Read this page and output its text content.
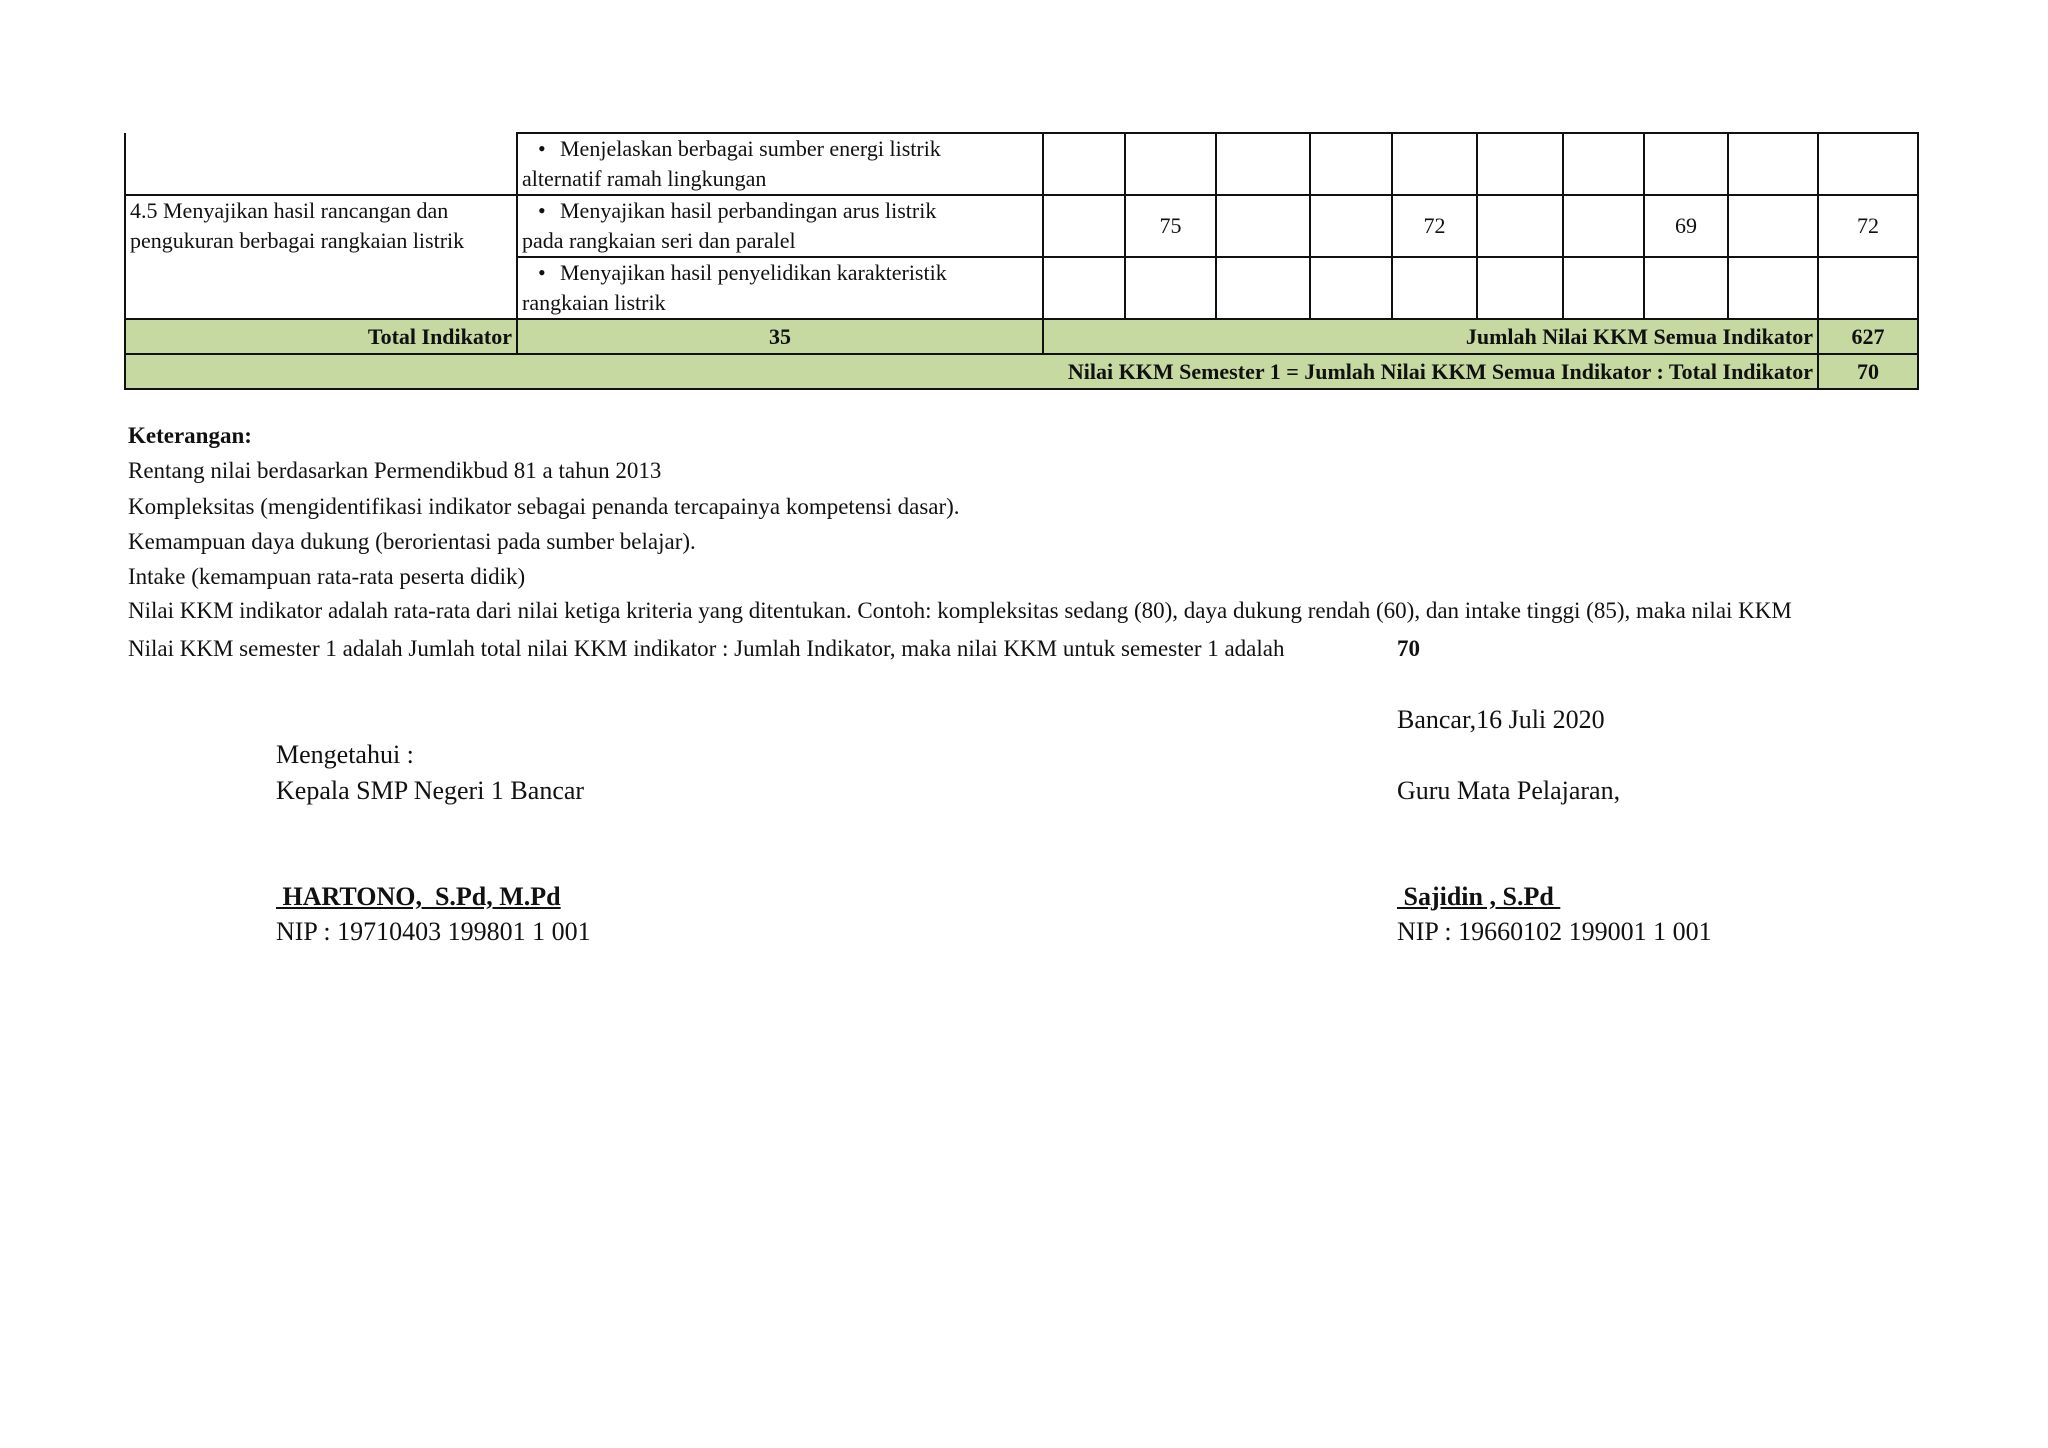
	• Menjelaskan berbagai sumber energi listrik
alternatif ramah lingkungan										

4.5 Menyajikan hasil rancangan dan pengukuran berbagai rangkaian listrik	• Menyajikan hasil perbandingan arus listrik
pada rangkaian seri dan paralel		75			72			69		72

	• Menyajikan hasil penyelidikan karakteristik
rangkaian listrik										

Total Indikator	35	Jumlah Nilai KKM Semua Indikator									627
Nilai KKM Semester 1 = Jumlah Nilai KKM Semua Indikator : Total Indikator											70
Keterangan:
Rentang nilai berdasarkan Permendikbud 81 a tahun 2013
Kompleksitas (mengidentifikasi indikator sebagai penanda tercapainya kompetensi dasar).
Kemampuan daya dukung (berorientasi pada sumber belajar).
Intake (kemampuan rata-rata peserta didik)
Nilai KKM indikator adalah rata-rata dari nilai ketiga kriteria yang ditentukan. Contoh: kompleksitas sedang (80), daya dukung rendah (60), dan intake tinggi (85), maka nilai KKM
Nilai KKM semester 1 adalah Jumlah total nilai KKM indikator : Jumlah Indikator, maka nilai KKM untuk semester 1 adalah	70
Mengetahui :
Kepala SMP Negeri 1 Bancar
HARTONO,  S.Pd, M.Pd
NIP : 19710403 199801 1 001
Bancar,16 Juli 2020
Guru Mata Pelajaran,
Sajidin , S.Pd
NIP : 19660102 199001 1 001
